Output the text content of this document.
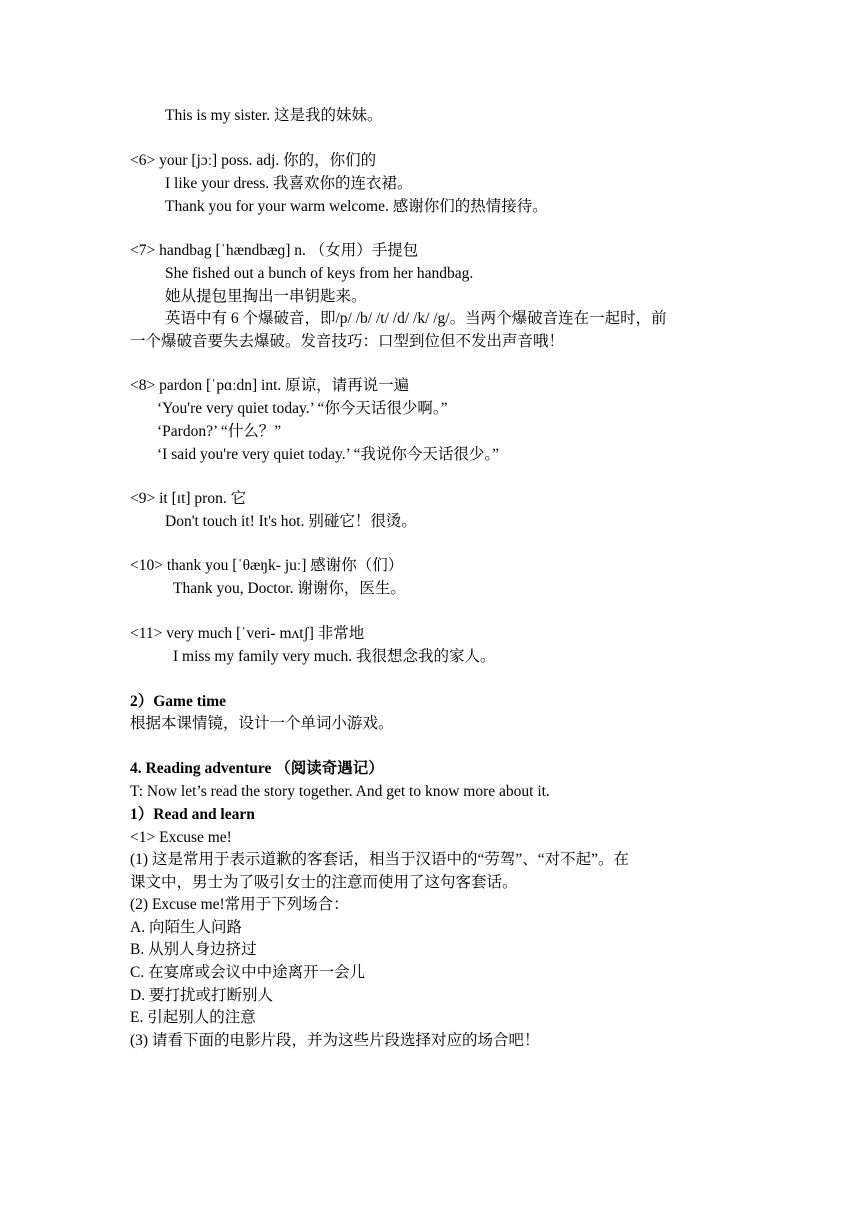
This is my sister. 这是我的妹妹。

<6> your [jɔː] poss. adj. 你的，你们的

I like your dress. 我喜欢你的连衣裙。

Thank you for your warm welcome. 感谢你们的热情接待。

<7> handbag [ˈhændbæɡ] n. （女用）手提包

She fished out a bunch of keys from her handbag.

她从提包里掏出一串钥匙来。

英语中有 6 个爆破音，即/p/ /b/ /t/ /d/ /k/ /g/。当两个爆破音连在一起时，前

一个爆破音要失去爆破。发音技巧：口型到位但不发出声音哦！

<8> pardon [ˈpɑːdn] int. 原谅，请再说一遍

‘You're very quiet today.’ “你今天话很少啊。”

‘Pardon?’ “什么？”

‘I said you're very quiet today.’ “我说你今天话很少。”

<9> it [ɪt] pron. 它

Don't touch it! It's hot. 别碰它！很烫。

<10> thank you [ˈθæŋk- juː] 感谢你（们）

Thank you, Doctor. 谢谢你，医生。

<11> very much [ˈveri- mʌtʃ] 非常地

I miss my family very much. 我很想念我的家人。

2）Game time

根据本课情镜，设计一个单词小游戏。

4. Reading adventure （阅读奇遇记）

T: Now let’s read the story together. And get to know more about it.

1）Read and learn

<1> Excuse me!

(1) 这是常用于表示道歉的客套话，相当于汉语中的“劳驾”、“对不起”。在

课文中，男士为了吸引女士的注意而使用了这句客套话。

(2) Excuse me!常用于下列场合：

A. 向陌生人问路

B. 从别人身边挤过

C. 在宴席或会议中中途离开一会儿

D. 要打扰或打断别人

E. 引起别人的注意

(3) 请看下面的电影片段，并为这些片段选择对应的场合吧！
